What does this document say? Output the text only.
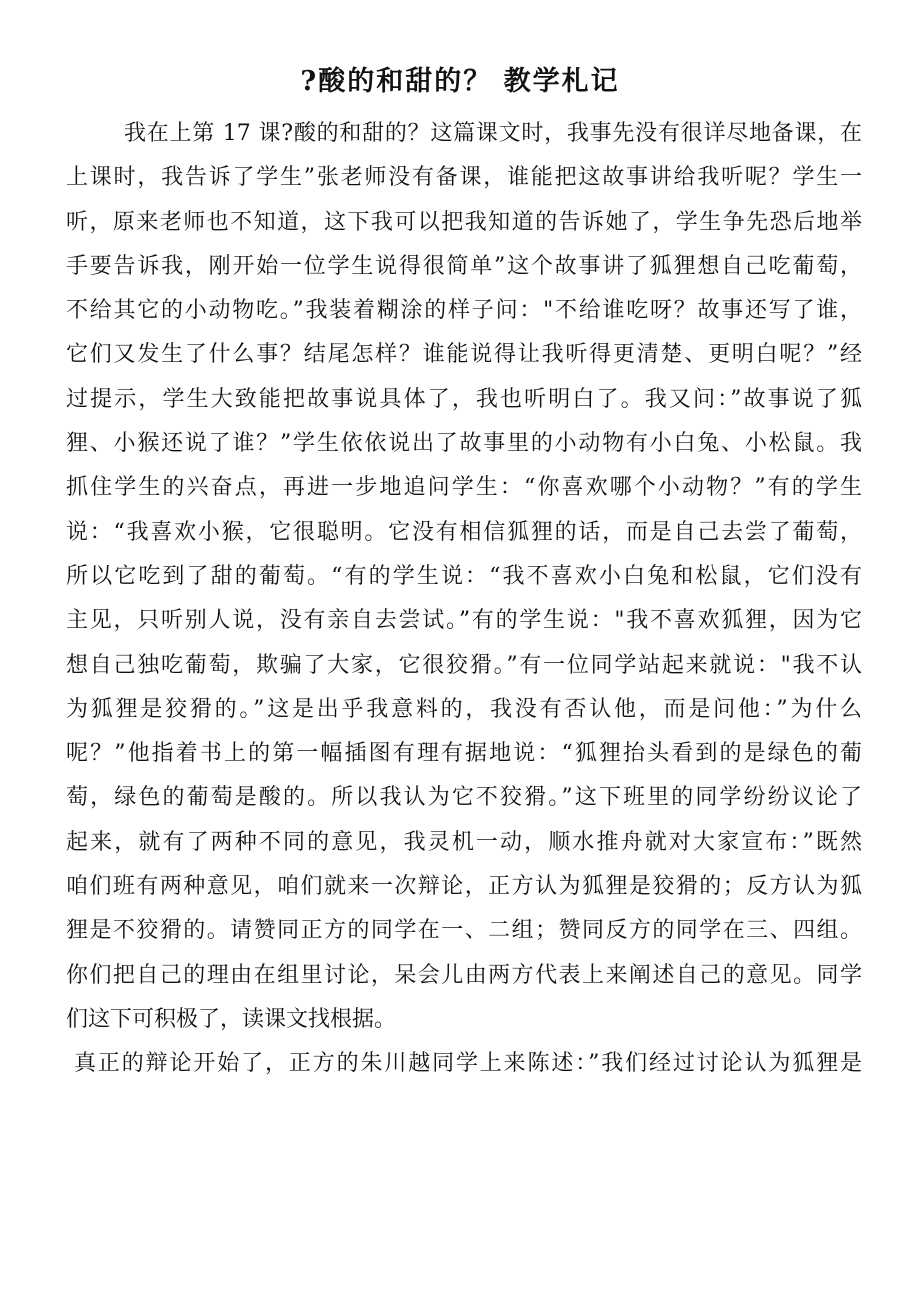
?酸的和甜的？ 教学札记
我在上第 17 课?酸的和甜的？这篇课文时，我事先没有很详尽地备课，在
上课时，我告诉了学生”张老师没有备课，谁能把这故事讲给我听呢？学生一
听，原来老师也不知道，这下我可以把我知道的告诉她了，学生争先恐后地举
手要告诉我，刚开始一位学生说得很简单”这个故事讲了狐狸想自己吃葡萄，
不给其它的小动物吃。”我装着糊涂的样子问："不给谁吃呀？故事还写了谁，
它们又发生了什么事？结尾怎样？谁能说得让我听得更清楚、更明白呢？”经
过提示，学生大致能把故事说具体了，我也听明白了。我又问：”故事说了狐
狸、小猴还说了谁？”学生依依说出了故事里的小动物有小白兔、小松鼠。我
抓住学生的兴奋点，再进一步地追问学生：“你喜欢哪个小动物？”有的学生
说：“我喜欢小猴，它很聪明。它没有相信狐狸的话，而是自己去尝了葡萄，
所以它吃到了甜的葡萄。“有的学生说：“我不喜欢小白兔和松鼠，它们没有
主见，只听别人说，没有亲自去尝试。”有的学生说："我不喜欢狐狸，因为它
想自己独吃葡萄，欺骗了大家，它很狡猾。”有一位同学站起来就说："我不认
为狐狸是狡猾的。”这是出乎我意料的，我没有否认他，而是问他：”为什么
呢？”他指着书上的第一幅插图有理有据地说：“狐狸抬头看到的是绿色的葡
萄，绿色的葡萄是酸的。所以我认为它不狡猾。”这下班里的同学纷纷议论了
起来，就有了两种不同的意见，我灵机一动，顺水推舟就对大家宣布：”既然
咱们班有两种意见，咱们就来一次辩论，正方认为狐狸是狡猾的；反方认为狐
狸是不狡猾的。请赞同正方的同学在一、二组；赞同反方的同学在三、四组。
你们把自己的理由在组里讨论，呆会儿由两方代表上来阐述自己的意见。同学
们这下可积极了，读课文找根据。
真正的辩论开始了，正方的朱川越同学上来陈述：”我们经过讨论认为狐狸是
